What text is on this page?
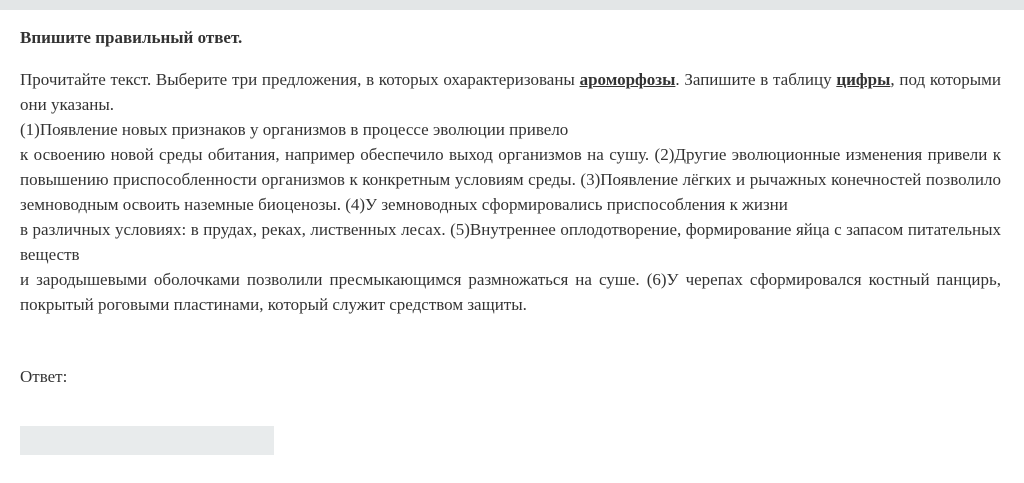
Впишите правильный ответ.

Прочитайте текст. Выберите три предложения, в которых охарактеризованы ароморфозы. Запишите в таблицу цифры, под которыми они указаны.

(1)Появление новых признаков у организмов в процессе эволюции привело

к освоению новой среды обитания, например обеспечило выход организмов на сушу. (2)Другие эволюционные изменения привели к повышению приспособленности организмов к конкретным условиям среды. (3)Появление лёгких и рычажных конечностей позволило земноводным освоить наземные биоценозы. (4)У земноводных сформировались приспособления к жизни

в различных условиях: в прудах, реках, лиственных лесах. (5)Внутреннее оплодотворение, формирование яйца с запасом питательных веществ

и зародышевыми оболочками позволили пресмыкающимся размножаться на суше. (6)У черепах сформировался костный панцирь, покрытый роговыми пластинами, который служит средством защиты.

Ответ:
